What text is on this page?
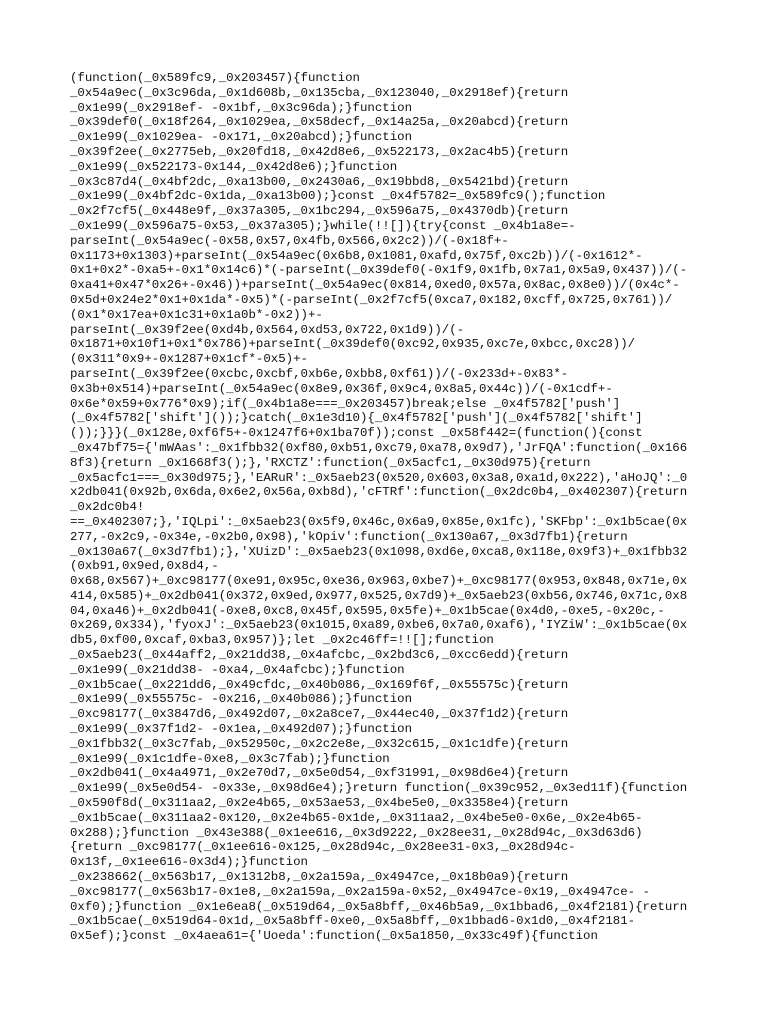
(function(_0x589fc9,_0x203457){function
_0x54a9ec(_0x3c96da,_0x1d608b,_0x135cba,_0x123040,_0x2918ef){return
_0x1e99(_0x2918ef- -0x1bf,_0x3c96da);}function
_0x39def0(_0x18f264,_0x1029ea,_0x58decf,_0x14a25a,_0x20abcd){return
_0x1e99(_0x1029ea- -0x171,_0x20abcd);}function
_0x39f2ee(_0x2775eb,_0x20fd18,_0x42d8e6,_0x522173,_0x2ac4b5){return
_0x1e99(_0x522173-0x144,_0x42d8e6);}function
_0x3c87d4(_0x4bf2dc,_0xa13b00,_0x2430a6,_0x19bbd8,_0x5421bd){return
_0x1e99(_0x4bf2dc-0x1da,_0xa13b00);}const _0x4f5782=_0x589fc9();function
_0x2f7cf5(_0x448e9f,_0x37a305,_0x1bc294,_0x596a75,_0x4370db){return
_0x1e99(_0x596a75-0x53,_0x37a305);}while(!![]){try{const _0x4b1a8e=-
parseInt(_0x54a9ec(-0x58,0x57,0x4fb,0x566,0x2c2))/(-0x18f+-
0x1173+0x1303)+parseInt(_0x54a9ec(0x6b8,0x1081,0xafd,0x75f,0xc2b))/(-0x1612*-
0x1+0x2*-0xa5+-0x1*0x14c6)*(-parseInt(_0x39def0(-0x1f9,0x1fb,0x7a1,0x5a9,0x437))/(-
0xa41+0x47*0x26+-0x46))+parseInt(_0x54a9ec(0x814,0xed0,0x57a,0x8ac,0x8e0))/(0x4c*-
0x5d+0x24e2*0x1+0x1da*-0x5)*(-parseInt(_0x2f7cf5(0xca7,0x182,0xcff,0x725,0x761))/
(0x1*0x17ea+0x1c31+0x1a0b*-0x2))+-
parseInt(_0x39f2ee(0xd4b,0x564,0xd53,0x722,0x1d9))/(-
0x1871+0x10f1+0x1*0x786)+parseInt(_0x39def0(0xc92,0x935,0xc7e,0xbcc,0xc28))/
(0x311*0x9+-0x1287+0x1cf*-0x5)+-
parseInt(_0x39f2ee(0xcbc,0xcbf,0xb6e,0xbb8,0xf61))/(-0x233d+-0x83*-
0x3b+0x514)+parseInt(_0x54a9ec(0x8e9,0x36f,0x9c4,0x8a5,0x44c))/(-0x1cdf+-
0x6e*0x59+0x776*0x9);if(_0x4b1a8e===_0x203457)break;else _0x4f5782['push']
(_0x4f5782['shift']());}catch(_0x1e3d10){_0x4f5782['push'](_0x4f5782['shift']
());}}}(_0x128e,0xf6f5+-0x1247f6+0x1ba70f));const _0x58f442=(function(){const
_0x47bf75={'mWAas':_0x1fbb32(0xf80,0xb51,0xc79,0xa78,0x9d7),'JrFQA':function(_0x166
8f3){return _0x1668f3();},'RXCTZ':function(_0x5acfc1,_0x30d975){return
_0x5acfc1===_0x30d975;},'EARuR':_0x5aeb23(0x520,0x603,0x3a8,0xa1d,0x222),'aHoJQ':_0
x2db041(0x92b,0x6da,0x6e2,0x56a,0xb8d),'cFTRf':function(_0x2dc0b4,_0x402307){return
_0x2dc0b4!
==_0x402307;},'IQLpi':_0x5aeb23(0x5f9,0x46c,0x6a9,0x85e,0x1fc),'SKFbp':_0x1b5cae(0x
277,-0x2c9,-0x34e,-0x2b0,0x98),'kOpiv':function(_0x130a67,_0x3d7fb1){return
_0x130a67(_0x3d7fb1);},'XUizD':_0x5aeb23(0x1098,0xd6e,0xca8,0x118e,0x9f3)+_0x1fbb32
(0xb91,0x9ed,0x8d4,-
0x68,0x567)+_0xc98177(0xe91,0x95c,0xe36,0x963,0xbe7)+_0xc98177(0x953,0x848,0x71e,0x
414,0x585)+_0x2db041(0x372,0x9ed,0x977,0x525,0x7d9)+_0x5aeb23(0xb56,0x746,0x71c,0x8
04,0xa46)+_0x2db041(-0xe8,0xc8,0x45f,0x595,0x5fe)+_0x1b5cae(0x4d0,-0xe5,-0x20c,-
0x269,0x334),'fyoxJ':_0x5aeb23(0x1015,0xa89,0xbe6,0x7a0,0xaf6),'IYZiW':_0x1b5cae(0x
db5,0xf00,0xcaf,0xba3,0x957)};let _0x2c46ff=!![];function
_0x5aeb23(_0x44aff2,_0x21dd38,_0x4afcbc,_0x2bd3c6,_0xcc6edd){return
_0x1e99(_0x21dd38- -0xa4,_0x4afcbc);}function
_0x1b5cae(_0x221dd6,_0x49cfdc,_0x40b086,_0x169f6f,_0x55575c){return
_0x1e99(_0x55575c- -0x216,_0x40b086);}function
_0xc98177(_0x3847d6,_0x492d07,_0x2a8ce7,_0x44ec40,_0x37f1d2){return
_0x1e99(_0x37f1d2- -0x1ea,_0x492d07);}function
_0x1fbb32(_0x3c7fab,_0x52950c,_0x2c2e8e,_0x32c615,_0x1c1dfe){return
_0x1e99(_0x1c1dfe-0xe8,_0x3c7fab);}function
_0x2db041(_0x4a4971,_0x2e70d7,_0x5e0d54,_0xf31991,_0x98d6e4){return
_0x1e99(_0x5e0d54- -0x33e,_0x98d6e4);}return function(_0x39c952,_0x3ed11f){function
_0x590f8d(_0x311aa2,_0x2e4b65,_0x53ae53,_0x4be5e0,_0x3358e4){return
_0x1b5cae(_0x311aa2-0x120,_0x2e4b65-0x1de,_0x311aa2,_0x4be5e0-0x6e,_0x2e4b65-
0x288);}function _0x43e388(_0x1ee616,_0x3d9222,_0x28ee31,_0x28d94c,_0x3d63d6)
{return _0xc98177(_0x1ee616-0x125,_0x28d94c,_0x28ee31-0x3,_0x28d94c-
0x13f,_0x1ee616-0x3d4);}function
_0x238662(_0x563b17,_0x1312b8,_0x2a159a,_0x4947ce,_0x18b0a9){return
_0xc98177(_0x563b17-0x1e8,_0x2a159a,_0x2a159a-0x52,_0x4947ce-0x19,_0x4947ce- -
0xf0);}function _0x1e6ea8(_0x519d64,_0x5a8bff,_0x46b5a9,_0x1bbad6,_0x4f2181){return
_0x1b5cae(_0x519d64-0x1d,_0x5a8bff-0xe0,_0x5a8bff,_0x1bbad6-0x1d0,_0x4f2181-
0x5ef);}const _0x4aea61={'Uoeda':function(_0x5a1850,_0x33c49f){function
